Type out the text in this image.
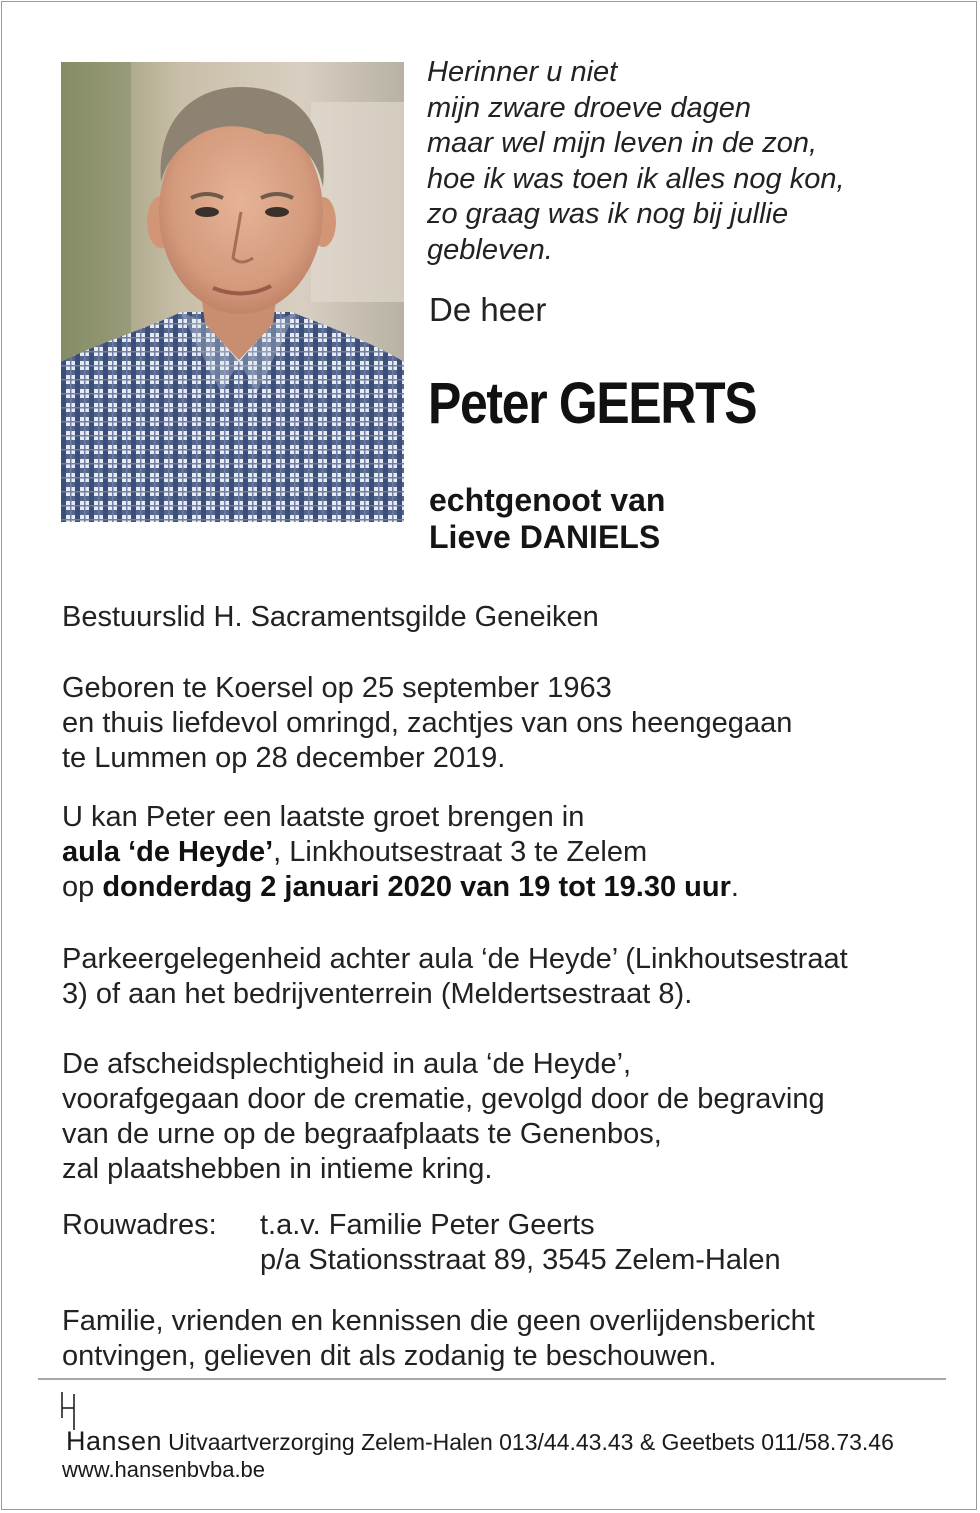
Herinner u niet
mijn zware droeve dagen
maar wel mijn leven in de zon,
hoe ik was toen ik alles nog kon,
zo graag was ik nog bij jullie
gebleven.
De heer
Peter GEERTS
echtgenoot van
Lieve DANIELS
Bestuurslid H. Sacramentsgilde Geneiken
Geboren te Koersel op 25 september 1963
en thuis liefdevol omringd, zachtjes van ons heengegaan
te Lummen op 28 december 2019.
U kan Peter een laatste groet brengen in
aula ‘de Heyde’, Linkhoutsestraat 3 te Zelem
op donderdag 2 januari 2020 van 19 tot 19.30 uur.
Parkeergelegenheid achter aula ‘de Heyde’ (Linkhoutsestraat
3) of aan het bedrijventerrein (Meldertsestraat 8).
De afscheidsplechtigheid in aula ‘de Heyde’,
voorafgegaan door de crematie, gevolgd door de begraving
van de urne op de begraafplaats te Genenbos,
zal plaatshebben in intieme kring.
Rouwadres: t.a.v. Familie Peter Geerts
p/a Stationsstraat 89, 3545 Zelem-Halen
Familie, vrienden en kennissen die geen overlijdensbericht
ontvingen, gelieven dit als zodanig te beschouwen.
Hansen Uitvaartverzorging Zelem-Halen 013/44.43.43 & Geetbets 011/58.73.46
www.hansenbvba.be
